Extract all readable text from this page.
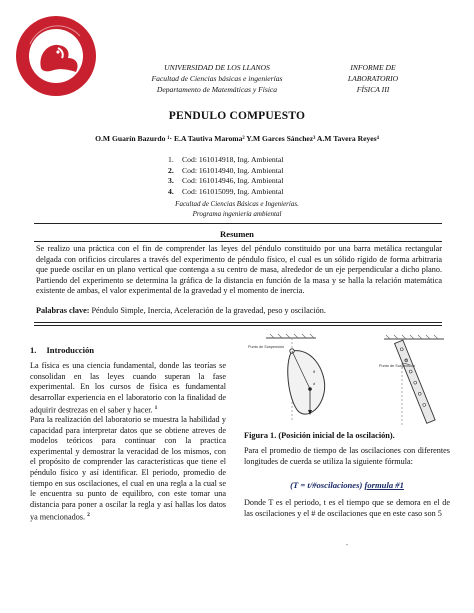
UNIVERSIDAD DE LOS LLANOS
Facultad de Ciencias básicas e ingenierías
Departamento de Matemáticas y Física
INFORME DE
LABORATORIO
FÍSICA III
PENDULO COMPUESTO
O.M Guarín Bazurdo ¹· E.A Tautiva Maroma² Y.M Garces Sánchez³ A.M Tavera Reyes⁴
1.	Cod: 161014918, Ing. Ambiental
2.	Cod: 161014940, Ing. Ambiental
3.	Cod: 161014946, Ing. Ambiental
4.	Cod: 161015099, Ing. Ambiental
Facultad de Ciencias Básicas e Ingenierías.
Programa ingeniería ambiental
Resumen
Se realizo una práctica con el fin de comprender las leyes del péndulo constituido por una barra metálica rectangular delgada con orificios circulares a través del experimento de péndulo físico, el cual es un sólido rígido de forma arbitraria que puede oscilar en un plano vertical que contenga a su centro de masa, alrededor de un eje perpendicular a dicho plano. Partiendo del experimento se determina la gráfica de la distancia en función de la masa y se halla la relación matemática existente de ambas, el valor experimental de la gravedad y el momento de inercia.
Palabras clave: Péndulo Simple, Inercia, Aceleración de la gravedad, peso y oscilación.
1. Introducción
La física es una ciencia fundamental, donde las teorías se consolidan en las leyes cuando superan la fase experimental. En los cursos de física es fundamental desarrollar experiencia en el laboratorio con la finalidad de adquirir destrezas en el saber y hacer. $^1$
Para la realización del laboratorio se muestra la habilidad y capacidad para interpretar datos que se obtiene atreves de modelos teóricos para continuar con la practica experimental y demostrar la veracidad de los mismos, con el propósito de comprender las características que tiene el péndulo físico y así identificar. El periodo, promedio de tiempo en sus oscilaciones, el cual en una regla a la cual se le encuentra su punto de equilibro, con este tomar una distancia para poner a oscilar la regla y así hallas los datos ya mencionados. $^2$
Punto de Suspensión
θ
d
θ
Punto de Suspensión
Figura 1. (Posición inicial de la oscilación).
Para el promedio de tiempo de las oscilaciones con diferentes longitudes de cuerda se utiliza la siguiente fórmula:
(T = t/#oscilaciones) formula #1
Donde T es el periodo, t es el tiempo que se demora en el de las oscilaciones y el # de oscilaciones que en este caso son 5
-
